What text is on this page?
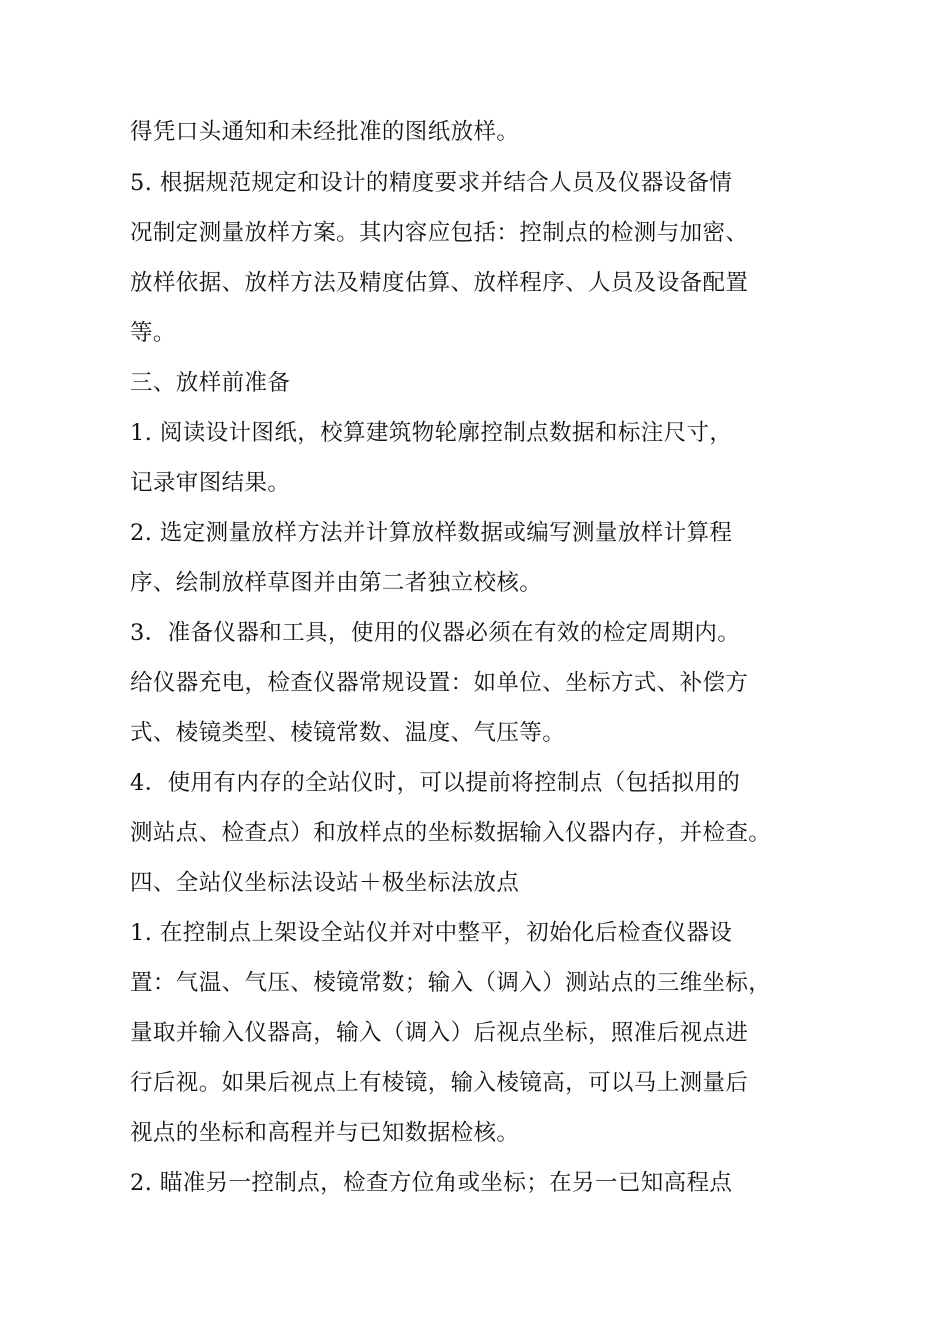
得凭口头通知和未经批准的图纸放样。
5. 根据规范规定和设计的精度要求并结合人员及仪器设备情
况制定测量放样方案。其内容应包括：控制点的检测与加密、
放样依据、放样方法及精度估算、放样程序、人员及设备配置
等。
三、放样前准备
1. 阅读设计图纸，校算建筑物轮廓控制点数据和标注尺寸，
记录审图结果。
2. 选定测量放样方法并计算放样数据或编写测量放样计算程
序、绘制放样草图并由第二者独立校核。
3．准备仪器和工具，使用的仪器必须在有效的检定周期内。
给仪器充电，检查仪器常规设置：如单位、坐标方式、补偿方
式、棱镜类型、棱镜常数、温度、气压等。
4．使用有内存的全站仪时，可以提前将控制点（包括拟用的
测站点、检查点）和放样点的坐标数据输入仪器内存，并检查。
四、全站仪坐标法设站＋极坐标法放点
1. 在控制点上架设全站仪并对中整平，初始化后检查仪器设
置：气温、气压、棱镜常数；输入（调入）测站点的三维坐标，
量取并输入仪器高，输入（调入）后视点坐标，照准后视点进
行后视。如果后视点上有棱镜，输入棱镜高，可以马上测量后
视点的坐标和高程并与已知数据检核。
2. 瞄准另一控制点，检查方位角或坐标；在另一已知高程点
